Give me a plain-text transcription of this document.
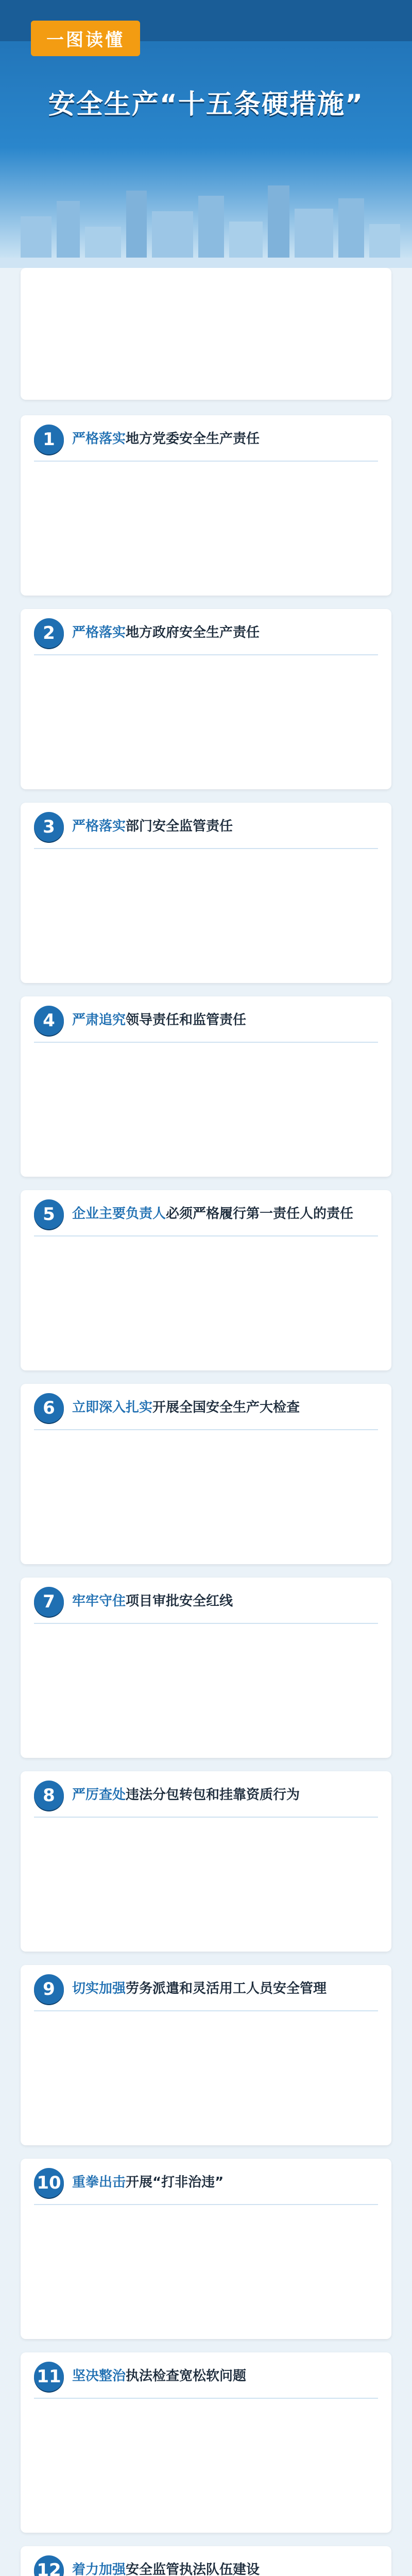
一图读懂
安全生产“十五条硬措施”
1	严格落实地方党委安全生产责任
2	严格落实地方政府安全生产责任
3	严格落实部门安全监管责任
4	严肃追究领导责任和监管责任
5	企业主要负责人必须严格履行第一责任人的责任
6	立即深入扎实开展全国安全生产大检查
7	牢牢守住项目审批安全红线
8	严厉查处违法分包转包和挂靠资质行为
9	切实加强劳务派遣和灵活用工人员安全管理
10 重拳出击开展“打非治违”
11 坚决整治执法检查宽松软问题
12 着力加强安全监管执法队伍建设
